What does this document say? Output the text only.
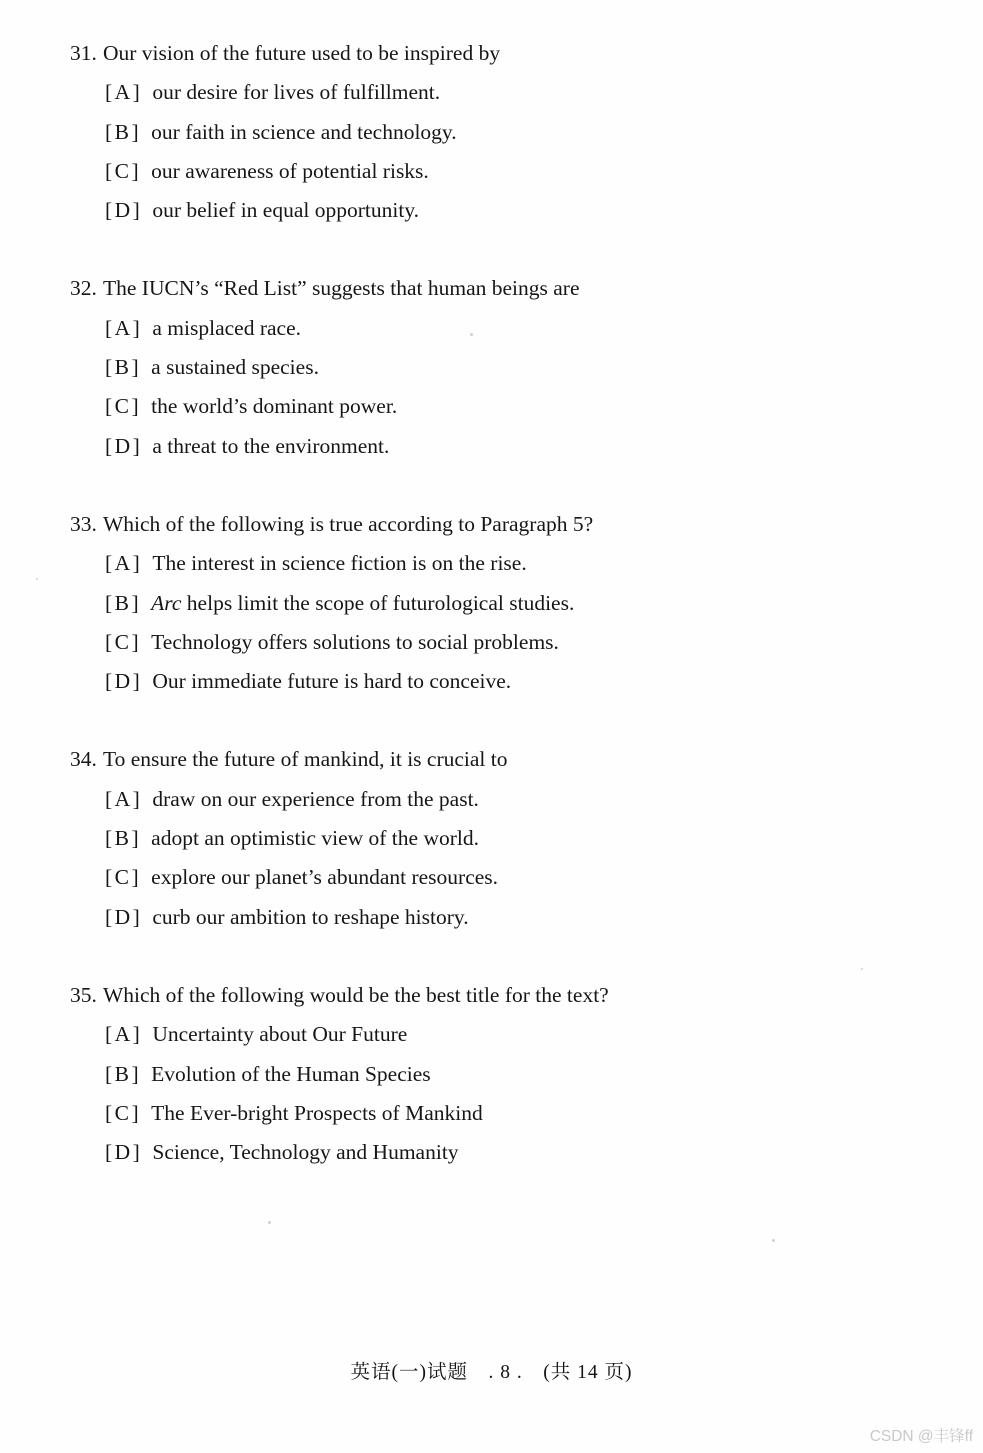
31. Our vision of the future used to be inspired by
[A] our desire for lives of fulfillment.
[B] our faith in science and technology.
[C] our awareness of potential risks.
[D] our belief in equal opportunity.
32. The IUCN’s “Red List” suggests that human beings are
[A] a misplaced race.
[B] a sustained species.
[C] the world’s dominant power.
[D] a threat to the environment.
33. Which of the following is true according to Paragraph 5?
[A] The interest in science fiction is on the rise.
[B] Arc helps limit the scope of futurological studies.
[C] Technology offers solutions to social problems.
[D] Our immediate future is hard to conceive.
34. To ensure the future of mankind, it is crucial to
[A] draw on our experience from the past.
[B] adopt an optimistic view of the world.
[C] explore our planet’s abundant resources.
[D] curb our ambition to reshape history.
35. Which of the following would be the best title for the text?
[A] Uncertainty about Our Future
[B] Evolution of the Human Species
[C] The Ever-bright Prospects of Mankind
[D] Science, Technology and Humanity
英语(一)试题　. 8 .　(共 14 页)
CSDN @丰锋ff
